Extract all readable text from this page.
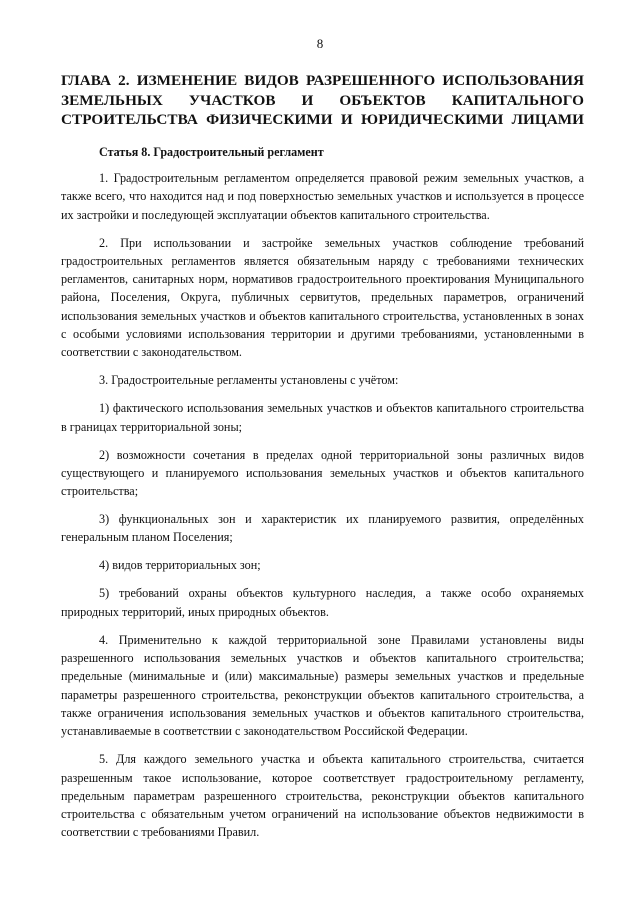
8
ГЛАВА 2. ИЗМЕНЕНИЕ ВИДОВ РАЗРЕШЕННОГО ИСПОЛЬЗОВАНИЯ
ЗЕМЕЛЬНЫХ УЧАСТКОВ И ОБЪЕКТОВ КАПИТАЛЬНОГО
СТРОИТЕЛЬСТВА ФИЗИЧЕСКИМИ И ЮРИДИЧЕСКИМИ ЛИЦАМИ
Статья 8. Градостроительный регламент

1. Градостроительным регламентом определяется правовой режим земельных участков, а также всего, что находится над и под поверхностью земельных участков и используется в процессе их застройки и последующей эксплуатации объектов капитального строительства.

2. При использовании и застройке земельных участков соблюдение требований градостроительных регламентов является обязательным наряду с требованиями технических регламентов, санитарных норм, нормативов градостроительного проектирования Муниципального района, Поселения, Округа, публичных сервитутов, предельных параметров, ограничений использования земельных участков и объектов капитального строительства, установленных в зонах с особыми условиями использования территории и другими требованиями, установленными в соответствии с законодательством.

3. Градостроительные регламенты установлены с учётом:

1) фактического использования земельных участков и объектов капитального строительства в границах территориальной зоны;

2) возможности сочетания в пределах одной территориальной зоны различных видов существующего и планируемого использования земельных участков и объектов капитального строительства;

3) функциональных зон и характеристик их планируемого развития, определённых генеральным планом Поселения;

4) видов территориальных зон;

5) требований охраны объектов культурного наследия, а также особо охраняемых природных территорий, иных природных объектов.

4. Применительно к каждой территориальной зоне Правилами установлены виды разрешенного использования земельных участков и объектов капитального строительства; предельные (минимальные и (или) максимальные) размеры земельных участков и предельные параметры разрешенного строительства, реконструкции объектов капитального строительства, а также ограничения использования земельных участков и объектов капитального строительства, устанавливаемые в соответствии с законодательством Российской Федерации.

5. Для каждого земельного участка и объекта капитального строительства, считается разрешенным такое использование, которое соответствует градостроительному регламенту, предельным параметрам разрешенного строительства, реконструкции объектов капитального строительства с обязательным учетом ограничений на использование объектов недвижимости в соответствии с требованиями Правил.
